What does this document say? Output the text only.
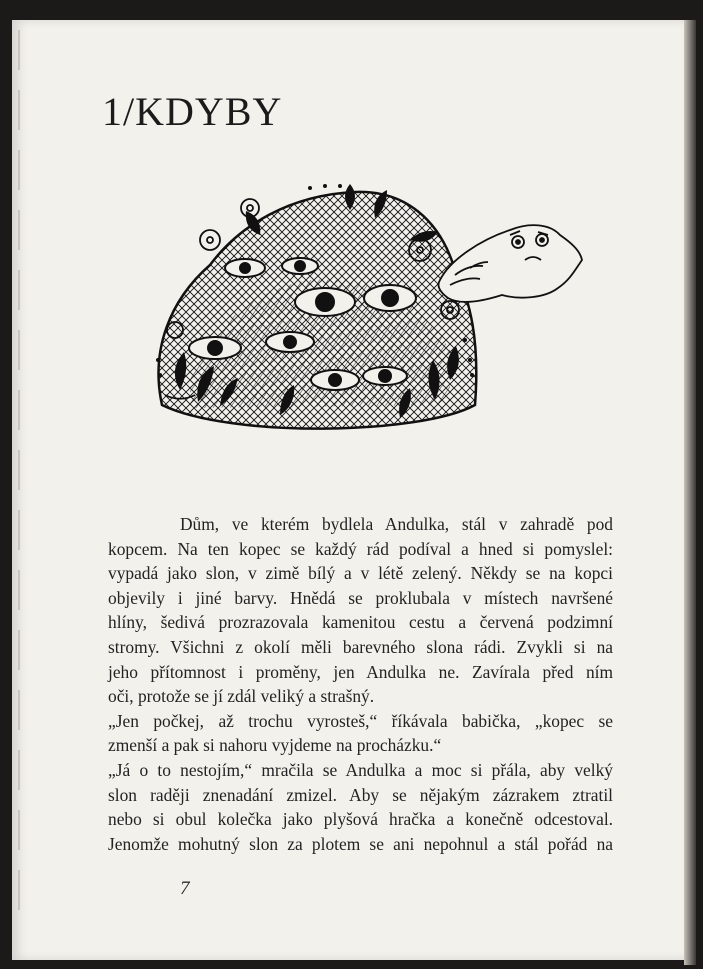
1/KDYBY
Dům, ve kterém bydlela Andulka, stál v zahradě pod
kopcem. Na ten kopec se každý rád podíval a hned si pomyslel:
vypadá jako slon, v zimě bílý a v létě zelený. Někdy se na kopci
objevily i jiné barvy. Hnědá se proklubala v místech navršené
hlíny, šedivá prozrazovala kamenitou cestu a červená podzimní
stromy. Všichni z okolí měli barevného slona rádi. Zvykli si na
jeho přítomnost i proměny, jen Andulka ne. Zavírala před ním
oči, protože se jí zdál veliký a strašný.
„Jen počkej, až trochu vyrosteš,“ říkávala babička, „kopec se
zmenší a pak si nahoru vyjdeme na procházku.“
„Já o to nestojím,“ mračila se Andulka a moc si přála, aby velký
slon raději znenadání zmizel. Aby se nějakým zázrakem ztratil
nebo si obul kolečka jako plyšová hračka a konečně odcestoval.
Jenomže mohutný slon za plotem se ani nepohnul a stál pořád na
7
